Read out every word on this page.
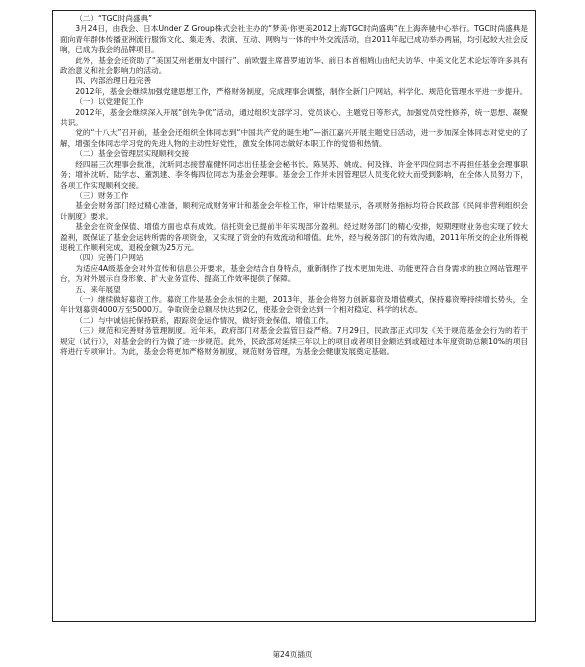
（二）“TGC时尚盛典”

3月24日，由我会、日本Under Z Group株式会社主办的“梦美·你更美2012上海TGC时尚盛典”在上海奔驰中心举行。TGC时尚盛典是面向青年群体传播亚洲流行服饰文化、集走秀、表演、互动、网购与一体的中外交流活动，自2011年起已成功举办两届，均引起较大社会反响，已成为我会的品牌项目。

此外，基金会还资助了“美国艾州老朋友中国行”、前欧盟主席普罗迪访华、前日本首相鸠山由纪夫访华、中美文化艺术论坛等许多具有政治意义和社会影响力的活动。

四、内部治理日趋完善

2012年，基金会继续加强党建思想工作，严格财务制度，完成理事会调整，制作全新门户网站，科学化、规范化管理水平进一步提升。

（一）以党建促工作

2012年，基金会继续深入开展“创先争优”活动，通过组织支部学习、党员谈心、主题党日等形式，加强党员党性修养，统一思想、凝聚共识。

党的“十八大”召开前，基金会还组织全体同志到“中国共产党的诞生地”—浙江嘉兴开展主题党日活动，进一步加深全体同志对党史的了解，增强全体同志学习党的先进人物的主动性好党性，激发全体同志做好本职工作的觉悟和热情。

（二）基金会管理层实现顺利交接

经四届三次理事会批准，沈昕同志接替雇健怀同志出任基金会秘书长。陈昊苏、姚成、何及锋、许金平四位同志不再担任基金会理事职务；增补沈昕、陆学志、董凯建、李冬梅四位同志为基金会理事。基金会工作并未因管理层人员变化较大而受到影响，在全体人员努力下，各项工作实现顺利交接。

（三）财务工作

基金会财务部门经过精心准备，顺利完成财务审计和基金会年检工作，审计结果显示，各项财务指标均符合民政部《民间非营利组织会计制度》要求。

基金会在资金保值、增值方面也卓有成效。信托资金已提前半年实现部分盈利。经过财务部门的精心安排，短期理财业务也实现了较大盈利，既保证了基金会运转所需的各项资金，又实现了资金的有效流动和增值。此外，经与税务部门的有效沟通，2011年所交的企业所得税退税工作顺利完成，退税金额为25万元。

（四）完善门户网站

为适应4A级基金会对外宣传和信息公开要求，基金会结合自身特点，重新制作了技术更加先进、功能更符合自身需求的独立网站管理平台，为对外展示自身形象、扩大业务宣传、提高工作效率提供了保障。

五、来年展望

（一）继续做好募资工作。募资工作是基金会永恒的主题，2013年，基金会将努力创新募资及增值模式，保持募资筹持续增长势头，全年计划募资4000万至5000万。争取资金总额尽快达到2亿，使基金会资金达到一个相对稳定、科学的状态。

（二）与中诚信托保持联系，跟踪资金运作情况，做好资金保值、增值工作。

（三）规范和完善财务管理制度。近年来，政府部门对基金会监管日益严格。7月29日，民政部正式印发《关于规范基金会行为的若干规定（试行）》，对基金会的行为做了进一步规范。此外，民政部对延续三年以上的项目或者项目金额达到或超过本年度资助总额10%的项目将进行专项审计。为此，基金会将更加严格财务制度，规范财务管理，为基金会健康发展奠定基础。

第24页插页
